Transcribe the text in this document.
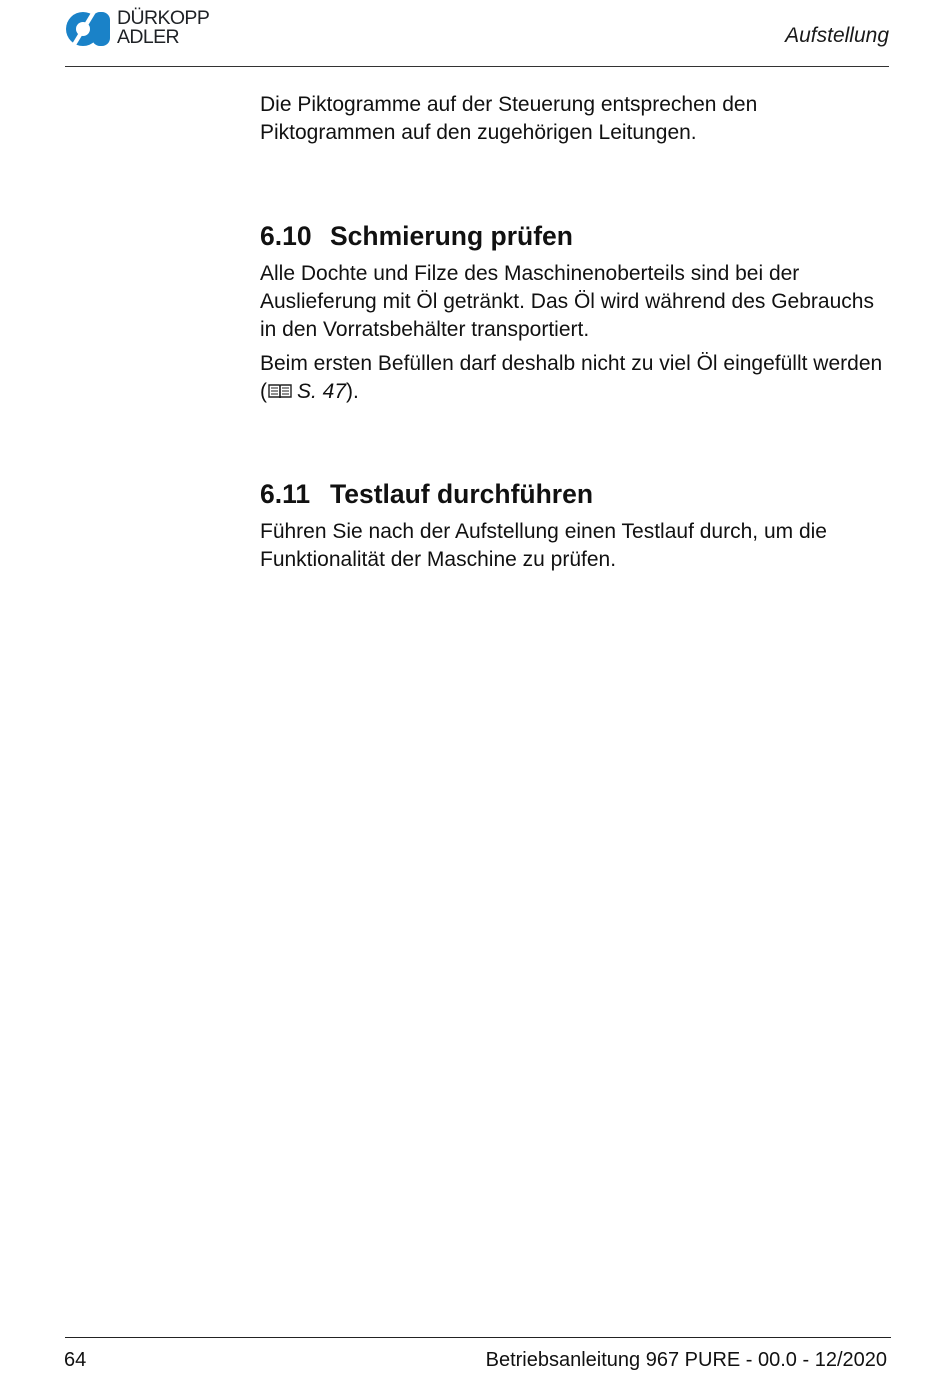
DÜRKOPP
ADLER	Aufstellung

Die Piktogramme auf der Steuerung entsprechen den Piktogrammen auf den zugehörigen Leitungen.

6.10 Schmierung prüfen

Alle Dochte und Filze des Maschinenoberteils sind bei der Auslieferung mit Öl getränkt. Das Öl wird während des Gebrauchs in den Vorratsbehälter transportiert.

Beim ersten Befüllen darf deshalb nicht zu viel Öl eingefüllt werden ( S. 47).

6.11 Testlauf durchführen

Führen Sie nach der Aufstellung einen Testlauf durch, um die Funktionalität der Maschine zu prüfen.

64	Betriebsanleitung 967 PURE - 00.0 - 12/2020
